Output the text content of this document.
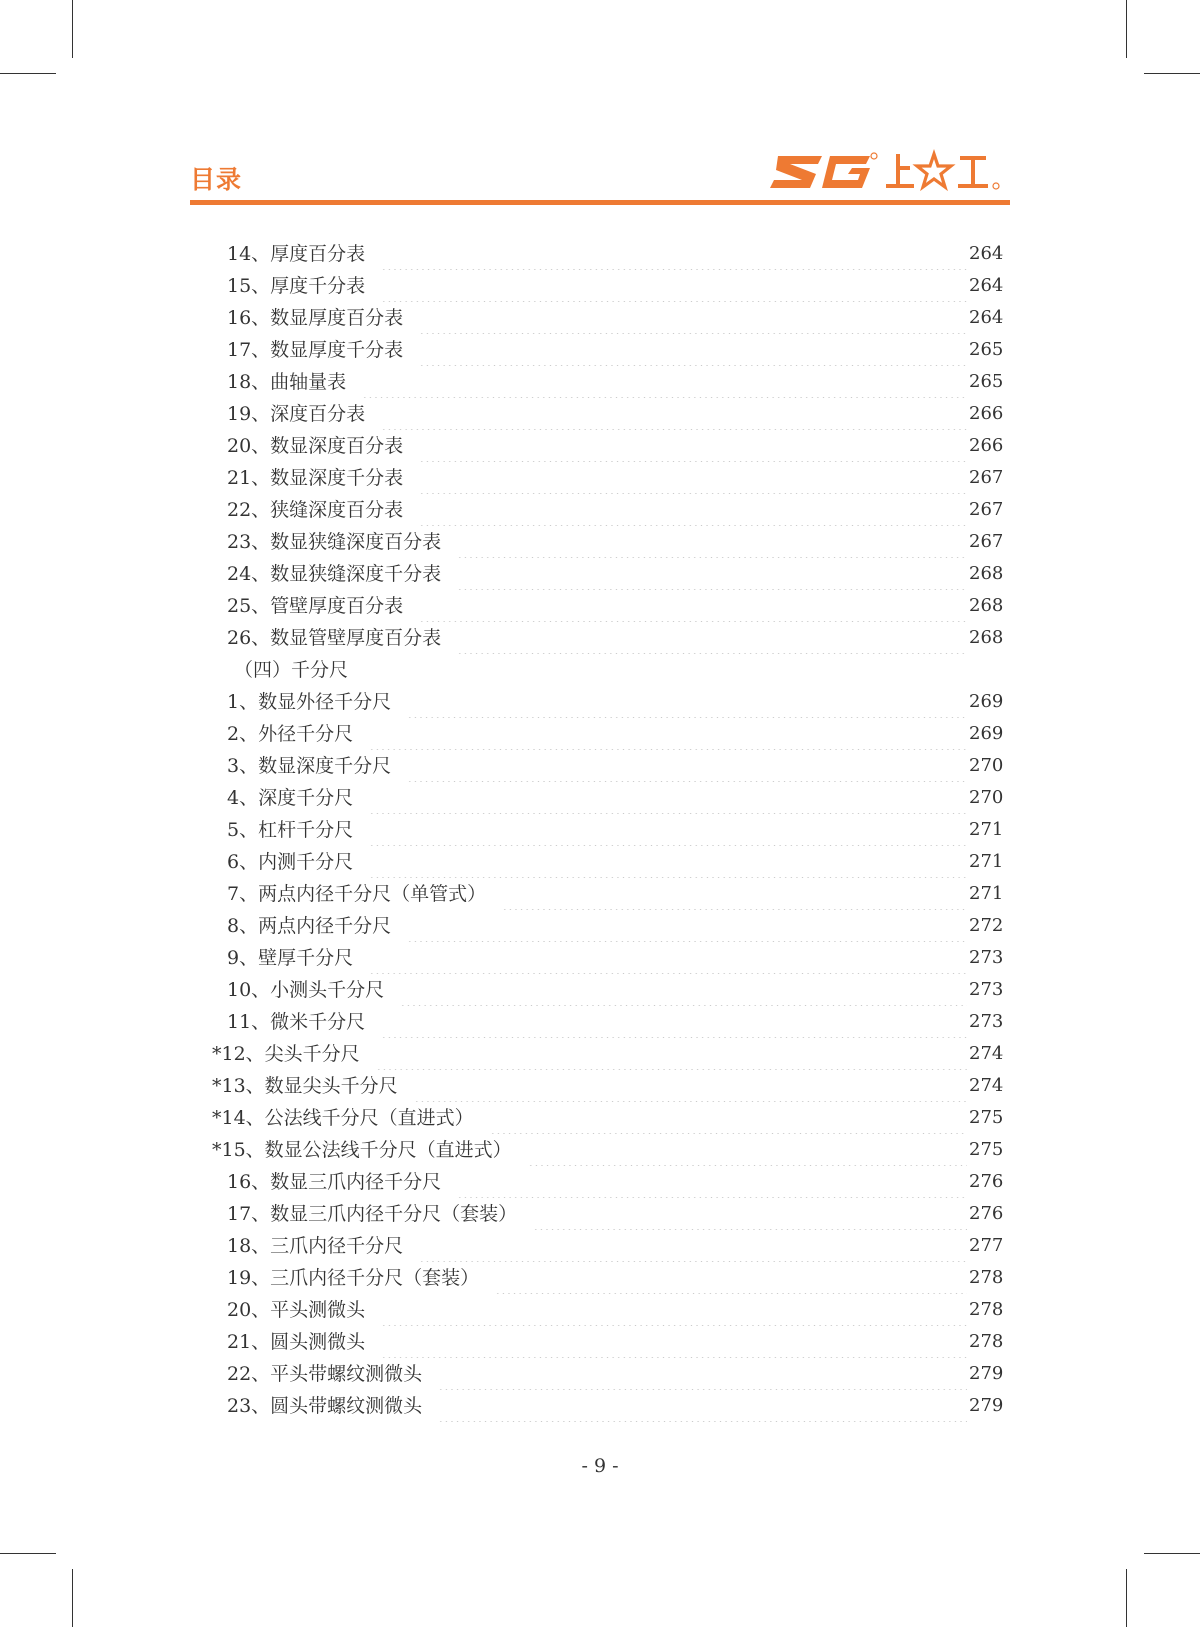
目录
14、厚度百分表	264
15、厚度千分表	264
16、数显厚度百分表	264
17、数显厚度千分表	265
18、曲轴量表	265
19、深度百分表	266
20、数显深度百分表	266
21、数显深度千分表	267
22、狭缝深度百分表	267
23、数显狭缝深度百分表	267
24、数显狭缝深度千分表	268
25、管壁厚度百分表	268
26、数显管壁厚度百分表	268
（四）千分尺
1、数显外径千分尺	269
2、外径千分尺	269
3、数显深度千分尺	270
4、深度千分尺	270
5、杠杆千分尺	271
6、内测千分尺	271
7、两点内径千分尺（单管式）	271
8、两点内径千分尺	272
9、壁厚千分尺	273
10、小测头千分尺	273
11、微米千分尺	273
*12、尖头千分尺	274
*13、数显尖头千分尺	274
*14、公法线千分尺（直进式）	275
*15、数显公法线千分尺（直进式）	275
16、数显三爪内径千分尺	276
17、数显三爪内径千分尺（套装）	276
18、三爪内径千分尺	277
19、三爪内径千分尺（套装）	278
20、平头测微头	278
21、圆头测微头	278
22、平头带螺纹测微头	279
23、圆头带螺纹测微头	279
- 9 -
